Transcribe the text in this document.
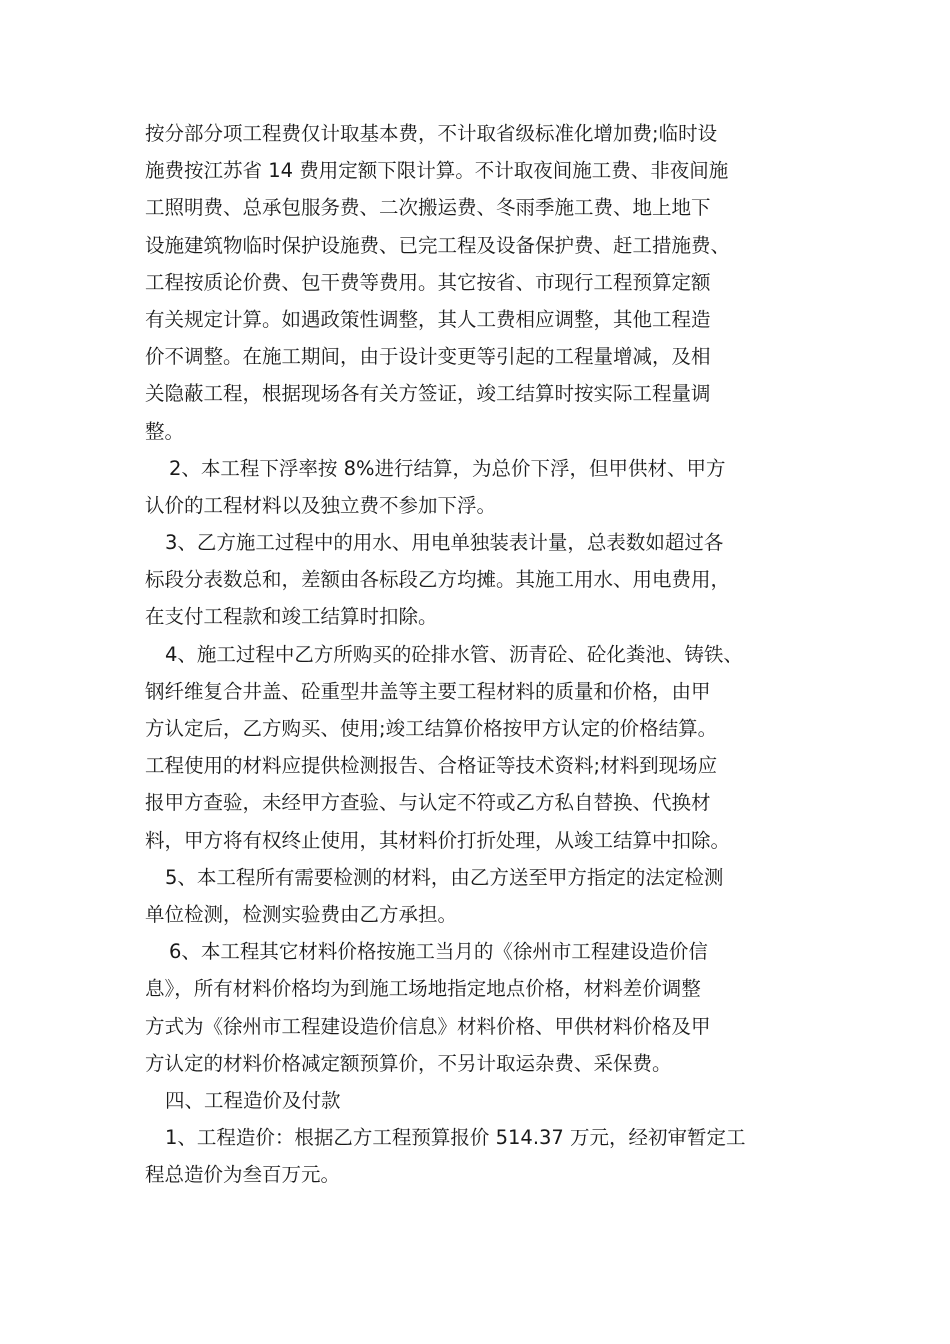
按分部分项工程费仅计取基本费，不计取省级标准化增加费;临时设
施费按江苏省 14 费用定额下限计算。不计取夜间施工费、非夜间施
工照明费、总承包服务费、二次搬运费、冬雨季施工费、地上地下
设施建筑物临时保护设施费、已完工程及设备保护费、赶工措施费、
工程按质论价费、包干费等费用。其它按省、市现行工程预算定额
有关规定计算。如遇政策性调整，其人工费相应调整，其他工程造
价不调整。在施工期间，由于设计变更等引起的工程量增减，及相
关隐蔽工程，根据现场各有关方签证，竣工结算时按实际工程量调
整。
2、本工程下浮率按 8%进行结算，为总价下浮，但甲供材、甲方
认价的工程材料以及独立费不参加下浮。
3、乙方施工过程中的用水、用电单独装表计量，总表数如超过各
标段分表数总和，差额由各标段乙方均摊。其施工用水、用电费用，
在支付工程款和竣工结算时扣除。
4、施工过程中乙方所购买的砼排水管、沥青砼、砼化粪池、铸铁、
钢纤维复合井盖、砼重型井盖等主要工程材料的质量和价格，由甲
方认定后，乙方购买、使用;竣工结算价格按甲方认定的价格结算。
工程使用的材料应提供检测报告、合格证等技术资料;材料到现场应
报甲方查验，未经甲方查验、与认定不符或乙方私自替换、代换材
料，甲方将有权终止使用，其材料价打折处理，从竣工结算中扣除。
5、本工程所有需要检测的材料，由乙方送至甲方指定的法定检测
单位检测，检测实验费由乙方承担。
6、本工程其它材料价格按施工当月的《徐州市工程建设造价信
息》，所有材料价格均为到施工场地指定地点价格，材料差价调整
方式为《徐州市工程建设造价信息》材料价格、甲供材料价格及甲
方认定的材料价格减定额预算价，不另计取运杂费、采保费。
四、工程造价及付款
1、工程造价：根据乙方工程预算报价 514.37 万元，经初审暂定工
程总造价为叁百万元。
